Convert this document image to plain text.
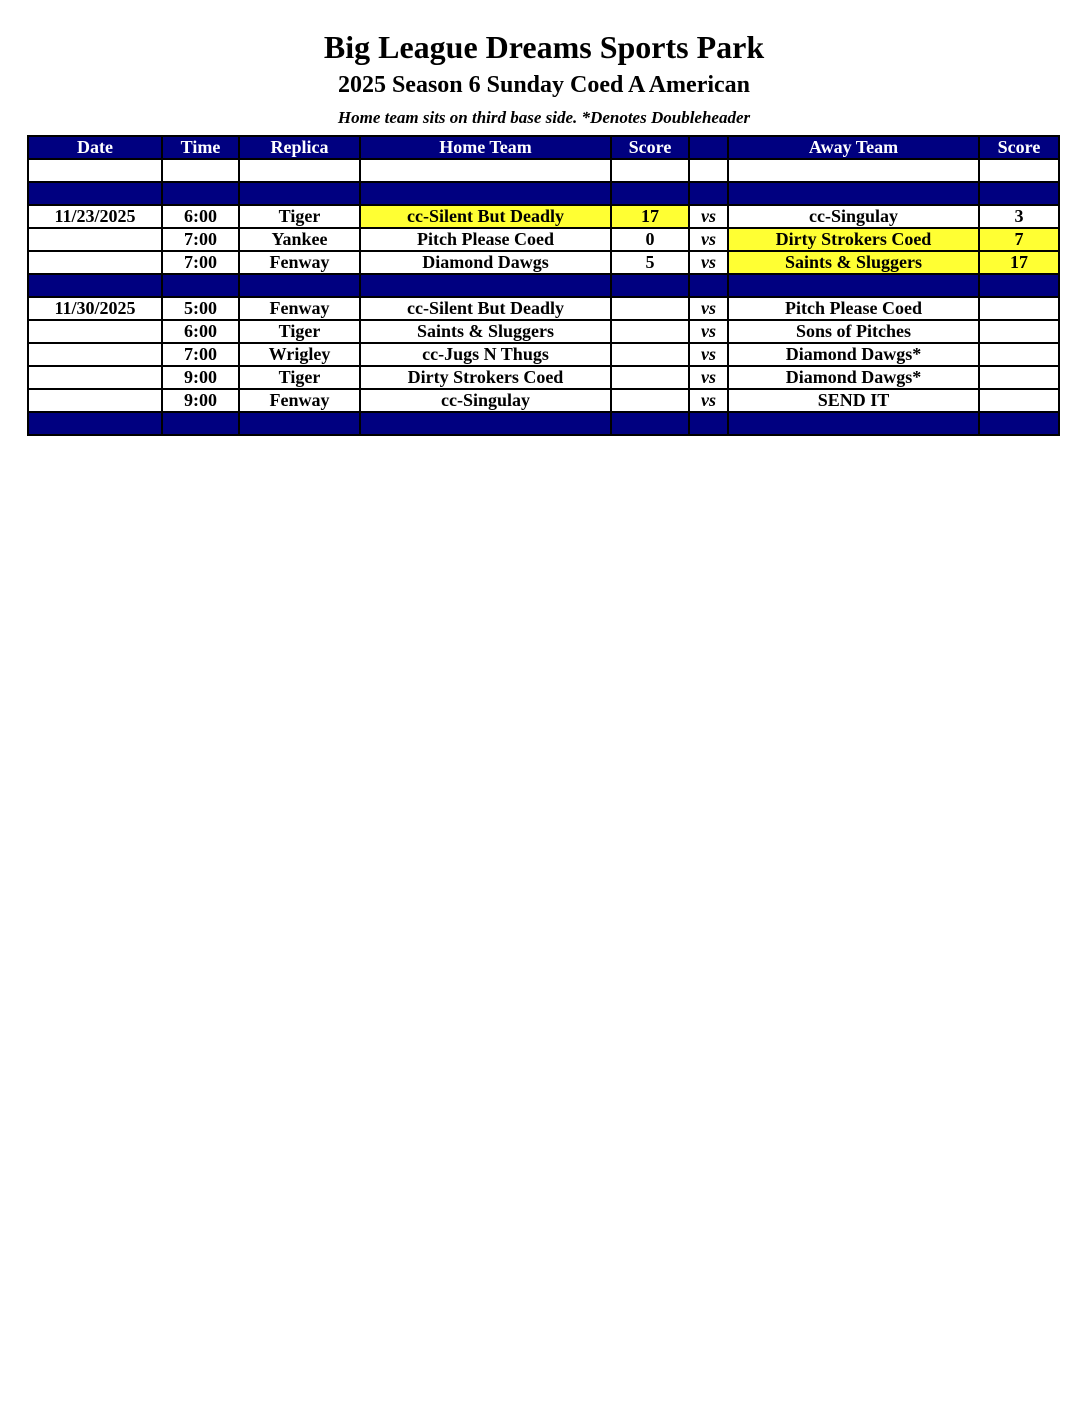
Big League Dreams Sports Park
2025 Season 6 Sunday Coed A American
Home team sits on third base side. *Denotes Doubleheader
Date	Time	Replica	Home Team	Score		Away Team	Score

11/23/2025	6:00	Tiger	cc-Silent But Deadly	17	vs	cc-Singulay	3
	7:00	Yankee	Pitch Please Coed	0	vs	Dirty Strokers Coed	7
	7:00	Fenway	Diamond Dawgs	5	vs	Saints & Sluggers	17

11/30/2025	5:00	Fenway	cc-Silent But Deadly		vs	Pitch Please Coed	
	6:00	Tiger	Saints & Sluggers		vs	Sons of Pitches	
	7:00	Wrigley	cc-Jugs N Thugs		vs	Diamond Dawgs*	
	9:00	Tiger	Dirty Strokers Coed		vs	Diamond Dawgs*	
	9:00	Fenway	cc-Singulay		vs	SEND IT	
